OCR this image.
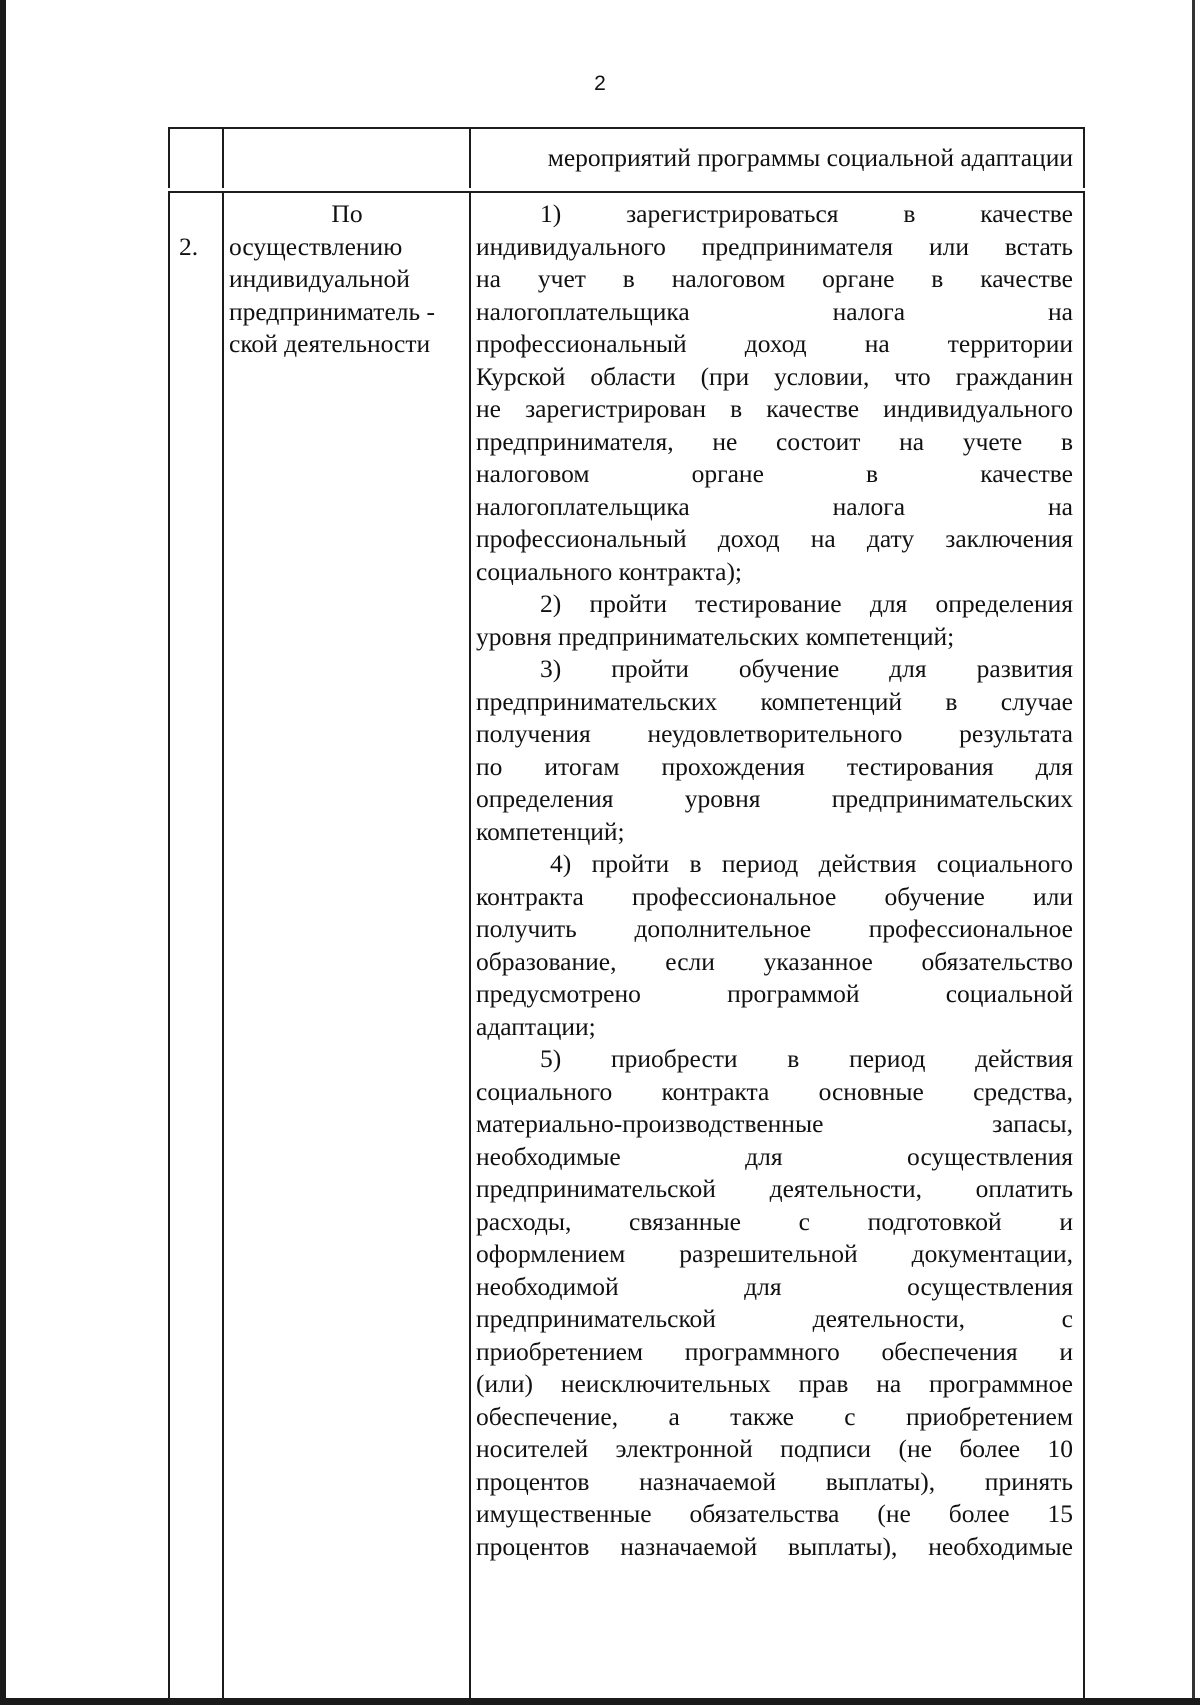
2
мероприятий программы социальной адаптации
2.
По
осуществлению
индивидуальной
предприниматель -
ской деятельности
1) зарегистрироваться в качестве
индивидуального предпринимателя или встать
на учет в налоговом органе в качестве
налогоплательщика налога на
профессиональный доход на территории
Курской области (при условии, что гражданин
не зарегистрирован в качестве индивидуального
предпринимателя, не состоит на учете в
налоговом органе в качестве
налогоплательщика налога на
профессиональный доход на дату заключения
социального контракта);
2) пройти тестирование для определения
уровня предпринимательских компетенций;
3) пройти обучение для развития
предпринимательских компетенций в случае
получения неудовлетворительного результата
по итогам прохождения тестирования для
определения уровня предпринимательских
компетенций;
4) пройти в период действия социального
контракта профессиональное обучение или
получить дополнительное профессиональное
образование, если указанное обязательство
предусмотрено программой социальной
адаптации;
5) приобрести в период действия
социального контракта основные средства,
материально-производственные запасы,
необходимые для осуществления
предпринимательской деятельности, оплатить
расходы, связанные с подготовкой и
оформлением разрешительной документации,
необходимой для осуществления
предпринимательской деятельности, с
приобретением программного обеспечения и
(или) неисключительных прав на программное
обеспечение, а также с приобретением
носителей электронной подписи (не более 10
процентов назначаемой выплаты), принять
имущественные обязательства (не более 15
процентов назначаемой выплаты), необходимые
